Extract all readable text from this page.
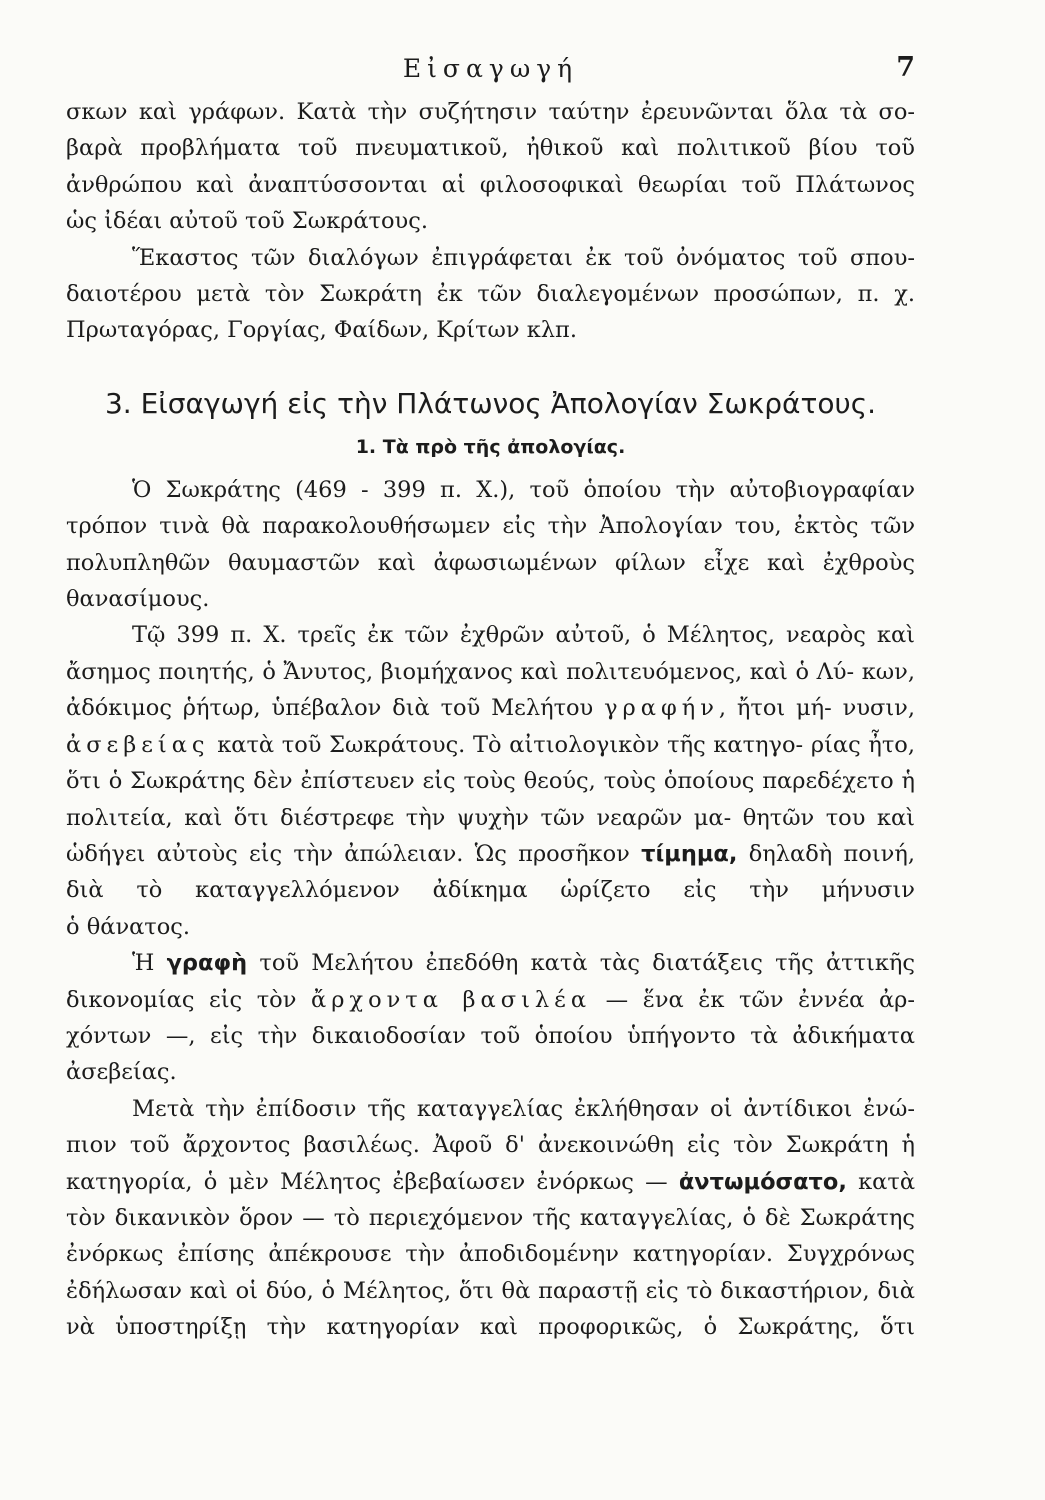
Εἰσαγωγή	7

σκων καὶ γράφων. Κατὰ τὴν συζήτησιν ταύτην ἐρευνῶνται ὅλα τὰ σο- βαρὰ προβλήματα τοῦ πνευματικοῦ, ἠθικοῦ καὶ πολιτικοῦ βίου τοῦ ἀνθρώπου καὶ ἀναπτύσσονται αἱ φιλοσοφικαὶ θεωρίαι τοῦ Πλάτωνος

ὡς ἰδέαι αὐτοῦ τοῦ Σωκράτους.

Ἕκαστος τῶν διαλόγων ἐπιγράφεται ἐκ τοῦ ὀνόματος τοῦ σπου- δαιοτέρου μετὰ τὸν Σωκράτη ἐκ τῶν διαλεγομένων προσώπων, π. χ.

Πρωταγόρας, Γοργίας, Φαίδων, Κρίτων κλπ.

3. Εἰσαγωγή εἰς τὴν Πλάτωνος Ἀπολογίαν Σωκράτους.
1. Τὰ πρὸ τῆς ἀπολογίας.

Ὁ Σωκράτης (469 - 399 π. Χ.), τοῦ ὁποίου τὴν αὐτοβιογραφίαν τρόπον τινὰ θὰ παρακολουθήσωμεν εἰς τὴν Ἀπολογίαν του, ἐκτὸς τῶν πολυπληθῶν θαυμαστῶν καὶ ἀφωσιωμένων φίλων εἶχε καὶ ἐχθροὺς

θανασίμους.

Τῷ 399 π. Χ. τρεῖς ἐκ τῶν ἐχθρῶν αὐτοῦ, ὁ Μέλητος, νεαρὸς καὶ ἄσημος ποιητής, ὁ Ἄνυτος, βιομήχανος καὶ πολιτευόμενος, καὶ ὁ Λύ- κων, ἀδόκιμος ῥήτωρ, ὑπέβαλον διὰ τοῦ Μελήτου γραφήν, ἤτοι μή- νυσιν, ἀσεβείας κατὰ τοῦ Σωκράτους. Τὸ αἰτιολογικὸν τῆς κατηγο- ρίας ἦτο, ὅτι ὁ Σωκράτης δὲν ἐπίστευεν εἰς τοὺς θεούς, τοὺς ὁποίους παρεδέχετο ἡ πολιτεία, καὶ ὅτι διέστρεφε τὴν ψυχὴν τῶν νεαρῶν μα- θητῶν του καὶ ὡδήγει αὐτοὺς εἰς τὴν ἀπώλειαν. Ὡς προσῆκον τίμημα, δηλαδὴ ποινή, διὰ τὸ καταγγελλόμενον ἀδίκημα ὡρίζετο εἰς τὴν μήνυσιν

ὁ θάνατος.

Ἡ γραφὴ τοῦ Μελήτου ἐπεδόθη κατὰ τὰς διατάξεις τῆς ἀττικῆς δικονομίας εἰς τὸν ἄρχοντα βασιλέα — ἕνα ἐκ τῶν ἐννέα ἀρ- χόντων —, εἰς τὴν δικαιοδοσίαν τοῦ ὁποίου ὑπήγοντο τὰ ἀδικήματα

ἀσεβείας.

Μετὰ τὴν ἐπίδοσιν τῆς καταγγελίας ἐκλήθησαν οἱ ἀντίδικοι ἐνώ- πιον τοῦ ἄρχοντος βασιλέως. Ἀφοῦ δ' ἀνεκοινώθη εἰς τὸν Σωκράτη ἡ κατηγορία, ὁ μὲν Μέλητος ἐβεβαίωσεν ἐνόρκως — ἀντωμόσατο, κατὰ τὸν δικανικὸν ὅρον — τὸ περιεχόμενον τῆς καταγγελίας, ὁ δὲ Σωκράτης ἐνόρκως ἐπίσης ἀπέκρουσε τὴν ἀποδιδομένην κατηγορίαν. Συγχρόνως ἐδήλωσαν καὶ οἱ δύο, ὁ Μέλητος, ὅτι θὰ παραστῇ εἰς τὸ δικαστήριον, διὰ νὰ ὑποστηρίξῃ τὴν κατηγορίαν καὶ προφορικῶς, ὁ Σωκράτης, ὅτι
